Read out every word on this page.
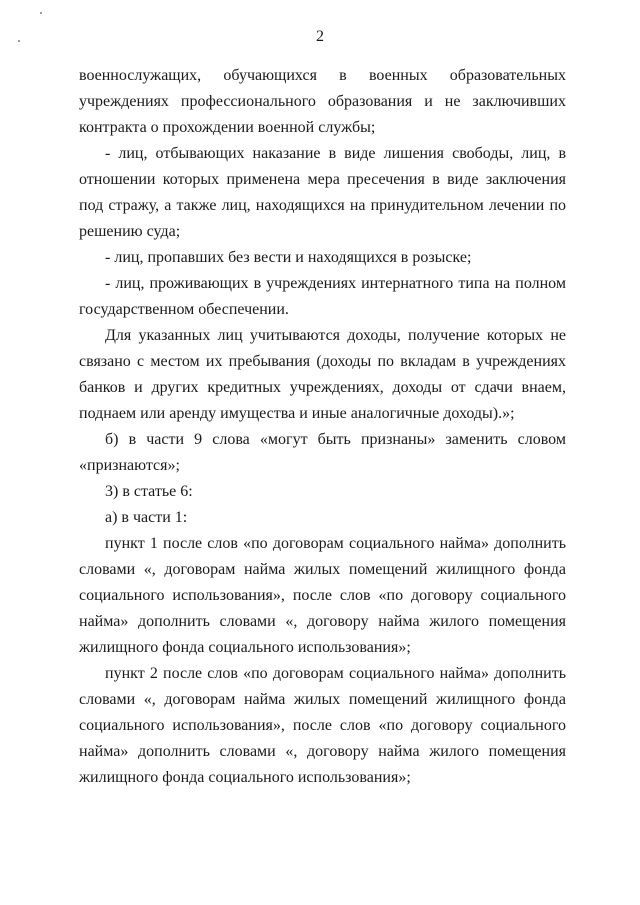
2

военнослужащих, обучающихся в военных образовательных учреждениях профессионального образования и не заключивших контракта о прохождении военной службы;

- лиц, отбывающих наказание в виде лишения свободы, лиц, в отношении которых применена мера пресечения в виде заключения под стражу, а также лиц, находящихся на принудительном лечении по решению суда;

- лиц, пропавших без вести и находящихся в розыске;

- лиц, проживающих в учреждениях интернатного типа на полном государственном обеспечении.

Для указанных лиц учитываются доходы, получение которых не связано с местом их пребывания (доходы по вкладам в учреждениях банков и других кредитных учреждениях, доходы от сдачи внаем, поднаем или аренду имущества и иные аналогичные доходы).»;

б) в части 9 слова «могут быть признаны» заменить словом «признаются»;

3) в статье 6:

а) в части 1:

пункт 1 после слов «по договорам социального найма» дополнить словами «, договорам найма жилых помещений жилищного фонда социального использования», после слов «по договору социального найма» дополнить словами «, договору найма жилого помещения жилищного фонда социального использования»;

пункт 2 после слов «по договорам социального найма» дополнить словами «, договорам найма жилых помещений жилищного фонда социального использования», после слов «по договору социального найма» дополнить словами «, договору найма жилого помещения жилищного фонда социального использования»;
